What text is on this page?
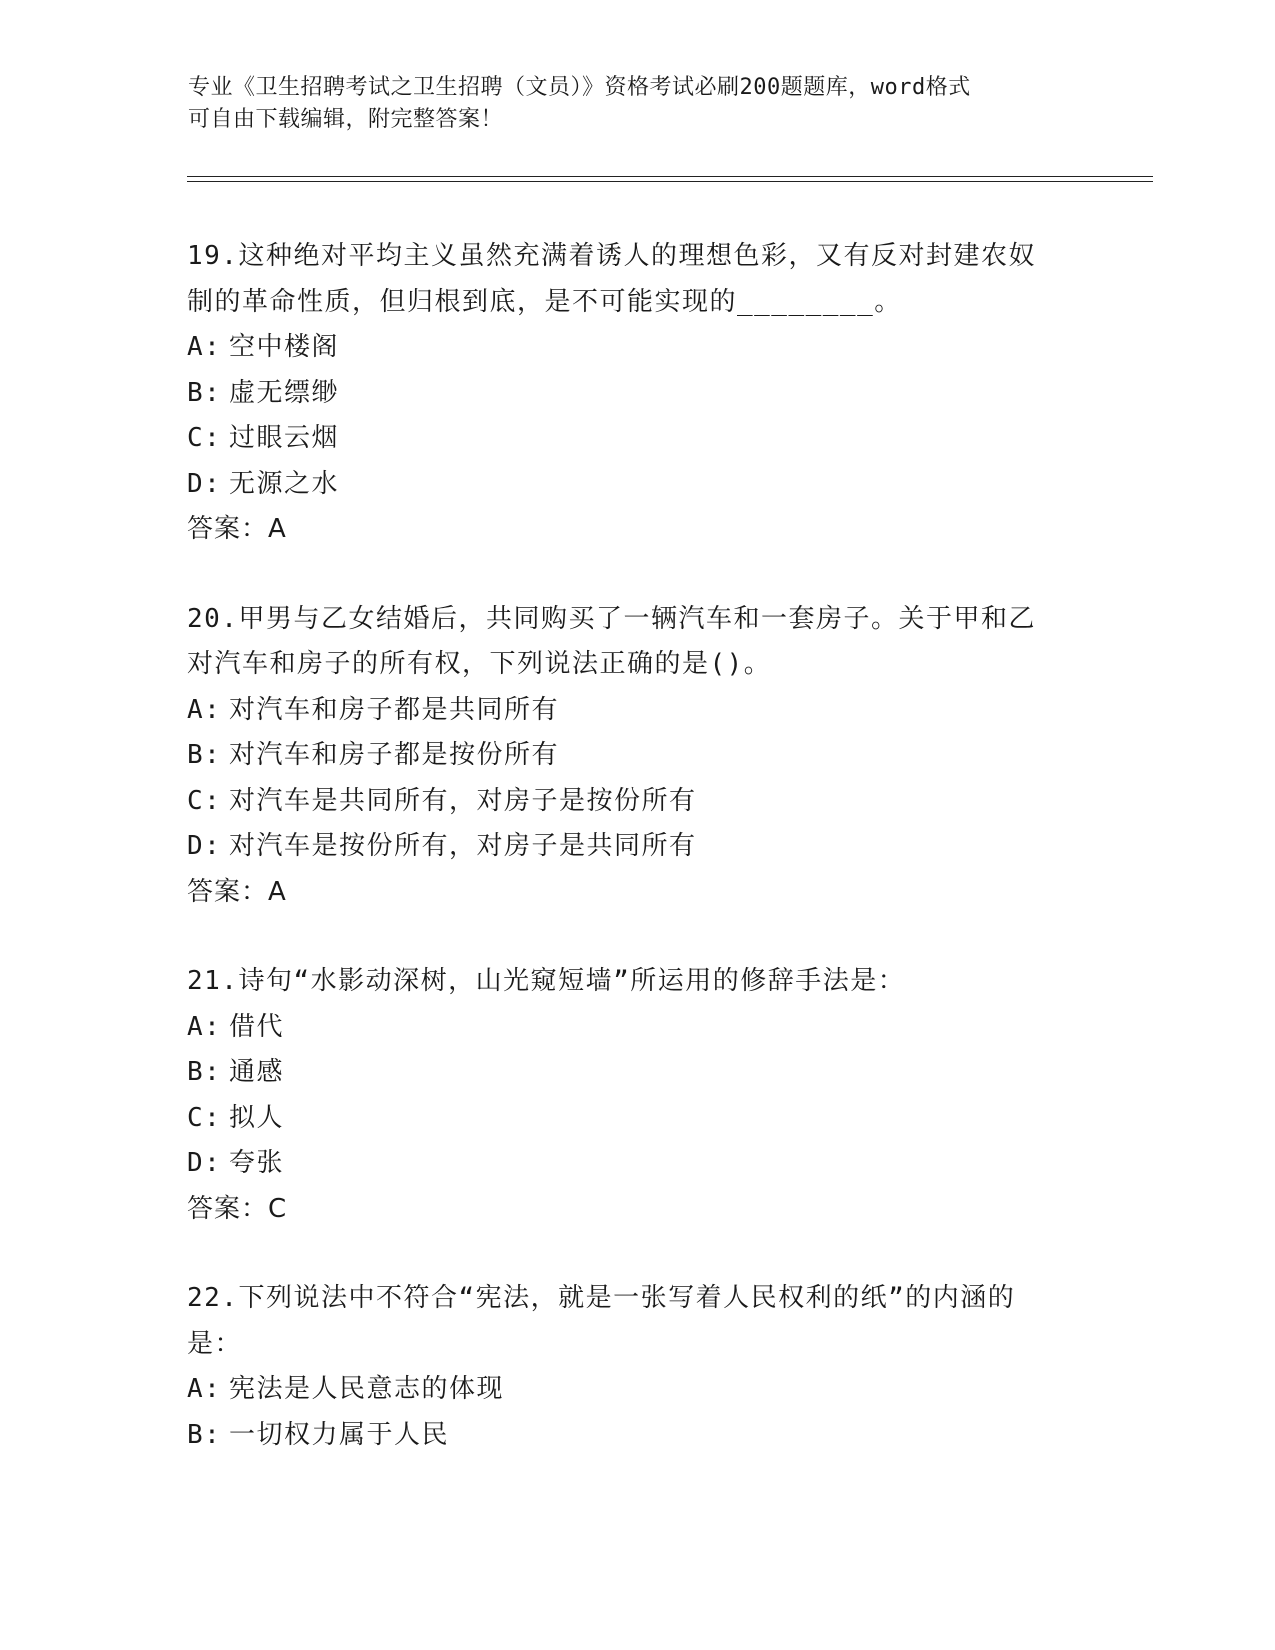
专业《卫生招聘考试之卫生招聘（文员）》资格考试必刷200题题库，word格式
可自由下载编辑，附完整答案！
19.这种绝对平均主义虽然充满着诱人的理想色彩，又有反对封建农奴
制的革命性质，但归根到底，是不可能实现的________。
A: 空中楼阁
B: 虚无缥缈
C: 过眼云烟
D: 无源之水
答案：A
20.甲男与乙女结婚后，共同购买了一辆汽车和一套房子。关于甲和乙
对汽车和房子的所有权，下列说法正确的是()。
A: 对汽车和房子都是共同所有
B: 对汽车和房子都是按份所有
C: 对汽车是共同所有，对房子是按份所有
D: 对汽车是按份所有，对房子是共同所有
答案：A
21.诗句“水影动深树，山光窥短墙”所运用的修辞手法是：
A: 借代
B: 通感
C: 拟人
D: 夸张
答案：C
22.下列说法中不符合“宪法，就是一张写着人民权利的纸”的内涵的
是：
A: 宪法是人民意志的体现
B: 一切权力属于人民
